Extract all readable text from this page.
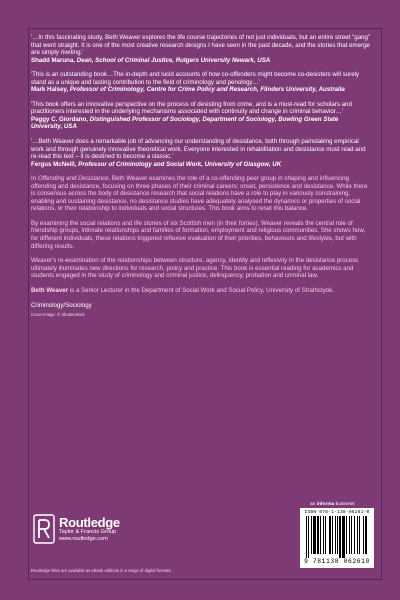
'…In this fascinating study, Beth Weaver explores the life course trajectories of not just individuals, but an entire street "gang" that went straight. It is one of the most creative research designs I have seen in the past decade, and the stories that emerge are simply riveting.'

Shadd Maruna, Dean, School of Criminal Justice, Rutgers University Newark, USA

'This is an outstanding book…The in-depth and lucid accounts of how co-offenders might become co-desisters will surely stand as a unique and lasting contribution to the field of criminology and penology…'

Mark Halsey, Professor of Criminology, Centre for Crime Policy and Research, Flinders University, Australia

'This book offers an innovative perspective on the process of desisting from crime, and is a must-read for scholars and practitioners interested in the underlying mechanisms associated with continuity and change in criminal behavior…'

Peggy C. Giordano, Distinguished Professor of Sociology, Department of Sociology, Bowling Green State University, USA

'…Beth Weaver does a remarkable job of advancing our understanding of desistance, both through painstaking empirical work and through genuinely innovative theoretical work. Everyone interested in rehabilitation and desistance must read and re-read this text – it is destined to become a classic.'

Fergus McNeill, Professor of Criminology and Social Work, University of Glasgow, UK

In Offending and Desistance, Beth Weaver examines the role of a co-offending peer group in shaping and influencing offending and desistance, focusing on three phases of their criminal careers: onset, persistence and desistance. While there is consensus across the body of desistance research that social relations have a role to play in variously constraining, enabling and sustaining desistance, no desistance studies have adequately analysed the dynamics or properties of social relations, or their relationship to individuals and social structures. This book aims to reset this balance.

By examining the social relations and life stories of six Scottish men (in their forties), Weaver reveals the central role of friendship groups, intimate relationships and families of formation, employment and religious communities. She shows how, for different individuals, these relations triggered reflexive evaluation of their priorities, behaviours and lifestyles, but with differing results.

Weaver's re-examination of the relationships between structure, agency, identity and reflexivity in the desistance process ultimately illuminates new directions for research, policy and practice. This book is essential reading for academics and students engaged in the study of criminology and criminal justice, delinquency, probation and criminal law.

Beth Weaver is a Senior Lecturer in the Department of Social Work and Social Policy, University of Strathclyde.

Criminology/Sociology
Cover image: © Shutterstock
an informa business
Routledge
Taylor & Francis Group
www.routledge.com
Routledge titles are available as eBook editions in a range of digital formats
ISBN 978-1-138-06261-0
9 781138 062610
